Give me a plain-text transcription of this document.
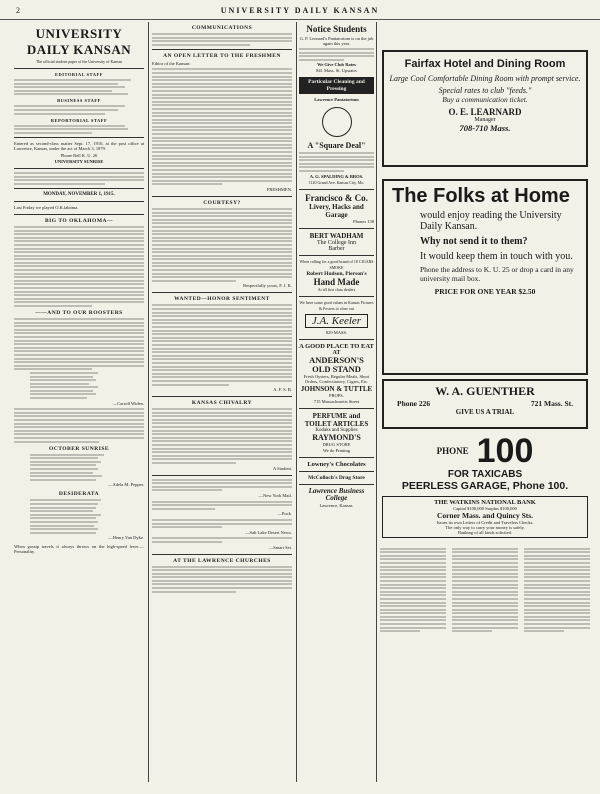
2	UNIVERSITY DAILY KANSAN
UNIVERSITY DAILY KANSAN
The official student paper of the University of Kansas
EDITORIAL STAFF
BUSINESS STAFF
REPORTORIAL STAFF

Entered as second-class matter Sept. 17, 1910, at the post office at Lawrence, Kansas, under the act of March 3, 1879.

Phone Bell K. U. 26
UNIVERSITY SUNRISE
MONDAY, NOVEMBER 1, 1915.
Last Friday we played O.K.lahoma.
BIG TO OKLAHOMA—
——AND TO OUR ROOSTERS
—Carroll Widen.
OCTOBER SUNRISE
—Adela M. Pepper.
DESIDERATA
—Henry Van Dyke.

When gossip travels it always throws on the high-speed lever.—Personality.

COMMUNICATIONS
AN OPEN LETTER TO THE FRESHMEN
Editor of the Kansan:
FRESHMEN.
COURTESY?
Respectfully yours, F. J. K.
WANTED—HONOR SENTIMENT
A. F. S. B.
KANSAS CHIVALRY
A Student.
—New York Mail.
—Puck.
—Salt Lake Desert News.
—Smart Set.
AT THE LAWRENCE CHURCHES
Notice Students
G. P. Leonard's Pantatorium is on the job again this year.
We Give Club Rates
841 Mass. St. Upstairs
Particular Cleaning and Pressing
Lawrence Pantatorium
A "Square Deal"
A. G. SPALDING & BROS.
1120 Grand Ave. Kansas City, Mo.
Francisco & Co.
Livery, Hacks and Garage
Phones 138
BERT WADHAM
The College Inn
Barber
When calling for a good brand of 10 CIGARS SMOKE
Robert Hudson, Pierson's
Hand Made
At all first class dealers
We have some good values in Kansas Pictures & Posters to close out
J.A. Keeler
829 MASS.
A GOOD PLACE TO EAT
AT
ANDERSON'S OLD STAND
Fresh Oysters, Regular Meals, Short Orders, Confectionery, Cigars, Etc.
JOHNSON & TUTTLE
PROPS.
715 Massachusetts Street
PERFUME and TOILET ARTICLES
Kodaks and Supplies
RAYMOND'S
DRUG STORE
We do Printing
Lowney's Chocolates
McColloch's Drug Store
Lawrence Business College
Lawrence, Kansas.
Fairfax Hotel and Dining Room
Large Cool Comfortable Dining Room with prompt service.
Special rates to club "feeds."
Buy a communication ticket.
O. E. LEARNARD
Manager
708-710 Mass.
The Folks at Home
would enjoy reading the University Daily Kansan.
Why not send it to them?
It would keep them in touch with you.
Phone the address to K. U. 25 or drop a card in any university mail box.
PRICE FOR ONE YEAR $2.50
W. A. GUENTHER
Phone 226	721 Mass. St.
GIVE US A TRIAL
PHONE 100
FOR TAXICABS
PEERLESS GARAGE, Phone 100.
THE WATKINS NATIONAL BANK
Capital $100,000 Surplus $100,000
Corner Mass. and Quincy Sts.
Issues its own Letters of Credit and Travelers Checks.
The only way to carry your money is safely.
Banking of all kinds solicited.
